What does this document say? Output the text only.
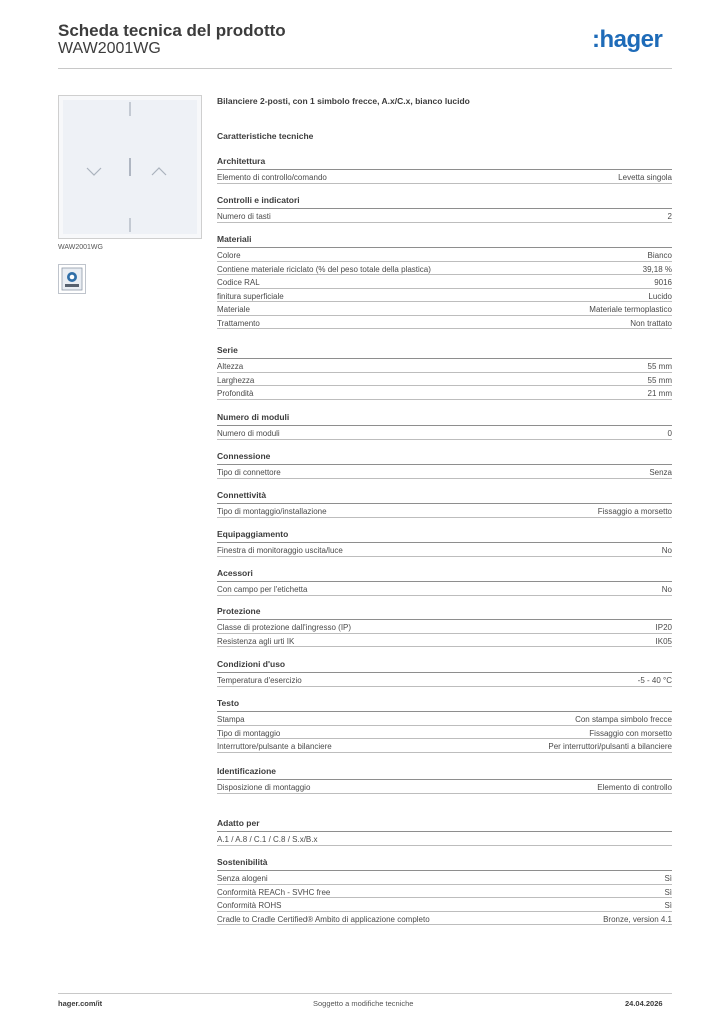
Scheda tecnica del prodotto
WAW2001WG	:hager
WAW2001WG
Bilanciere 2-posti, con 1 simbolo frecce, A.x/C.x, bianco lucido
Caratteristiche tecniche
Architettura
Elemento di controllo/comando	Levetta singola
Controlli e indicatori
Numero di tasti	2
Materiali
Colore	Bianco
Contiene materiale riciclato (% del peso totale della plastica)	39,18 %
Codice RAL	9016
finitura superficiale	Lucido
Materiale	Materiale termoplastico
Trattamento	Non trattato
Serie
Altezza	55 mm
Larghezza	55 mm
Profondità	21 mm
Numero di moduli
Numero di moduli	0
Connessione
Tipo di connettore	Senza
Connettività
Tipo di montaggio/installazione	Fissaggio a morsetto
Equipaggiamento
Finestra di monitoraggio uscita/luce	No
Acessori
Con campo per l'etichetta	No
Protezione
Classe di protezione dall'ingresso (IP)	IP20
Resistenza agli urti IK	IK05
Condizioni d'uso
Temperatura d'esercizio	-5 - 40 °C
Testo
Stampa	Con stampa simbolo frecce
Tipo di montaggio	Fissaggio con morsetto
Interruttore/pulsante a bilanciere	Per interruttori/pulsanti a bilanciere
Identificazione
Disposizione di montaggio	Elemento di controllo
Adatto per
A.1 / A.8 / C.1 / C.8 / S.x/B.x
Sostenibilità
Senza alogeni	Sì
Conformità REACh - SVHC free	Sì
Conformità ROHS	Sì
Cradle to Cradle Certified® Ambito di applicazione completo	Bronze, version 4.1
hager.com/it	Soggetto a modifiche tecniche	24.04.2026
